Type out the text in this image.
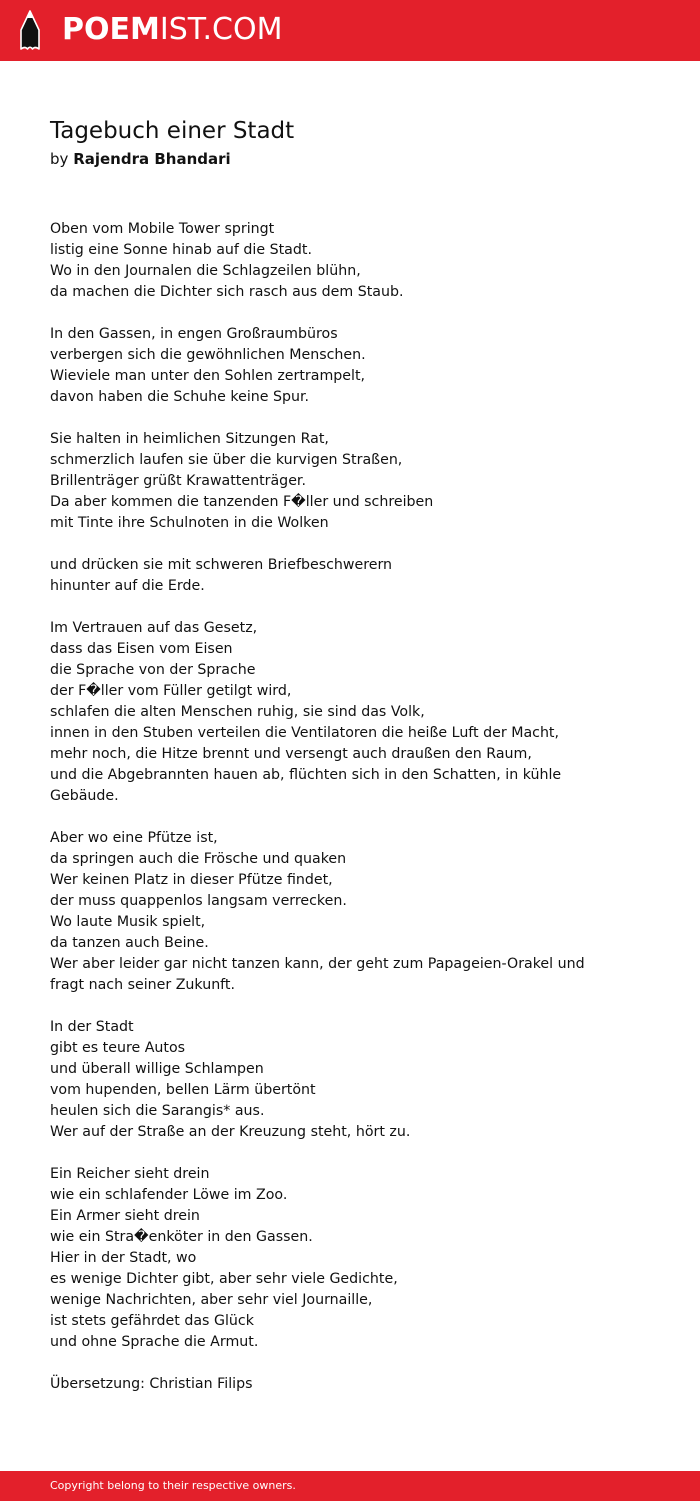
POEMIST.COM
Tagebuch einer Stadt
by Rajendra Bhandari
Oben vom Mobile Tower springt
listig eine Sonne hinab auf die Stadt.
Wo in den Journalen die Schlagzeilen blühn,
da machen die Dichter sich rasch aus dem Staub.
In den Gassen, in engen Großraumbüros
verbergen sich die gewöhnlichen Menschen.
Wieviele man unter den Sohlen zertrampelt,
davon haben die Schuhe keine Spur.
Sie halten in heimlichen Sitzungen Rat,
schmerzlich laufen sie über die kurvigen Straßen,
Brillenträger grüßt Krawattenträger.
Da aber kommen die tanzenden F�ller und schreiben
mit Tinte ihre Schulnoten in die Wolken
und drücken sie mit schweren Briefbeschwerern
hinunter auf die Erde.
Im Vertrauen auf das Gesetz,
dass das Eisen vom Eisen
die Sprache von der Sprache
der F�ller vom Füller getilgt wird,
schlafen die alten Menschen ruhig, sie sind das Volk,
innen in den Stuben verteilen die Ventilatoren die heiße Luft der Macht,
mehr noch, die Hitze brennt und versengt auch draußen den Raum,
und die Abgebrannten hauen ab, flüchten sich in den Schatten, in kühle
Gebäude.
Aber wo eine Pfütze ist,
da springen auch die Frösche und quaken
Wer keinen Platz in dieser Pfütze findet,
der muss quappenlos langsam verrecken.
Wo laute Musik spielt,
da tanzen auch Beine.
Wer aber leider gar nicht tanzen kann, der geht zum Papageien-Orakel und
fragt nach seiner Zukunft.
In der Stadt
gibt es teure Autos
und überall willige Schlampen
vom hupenden, bellen Lärm übertönt
heulen sich die Sarangis* aus.
Wer auf der Straße an der Kreuzung steht, hört zu.
Ein Reicher sieht drein
wie ein schlafender Löwe im Zoo.
Ein Armer sieht drein
wie ein Stra�enköter in den Gassen.
Hier in der Stadt, wo
es wenige Dichter gibt, aber sehr viele Gedichte,
wenige Nachrichten, aber sehr viel Journaille,
ist stets gefährdet das Glück
und ohne Sprache die Armut.
Übersetzung: Christian Filips
Copyright belong to their respective owners.
